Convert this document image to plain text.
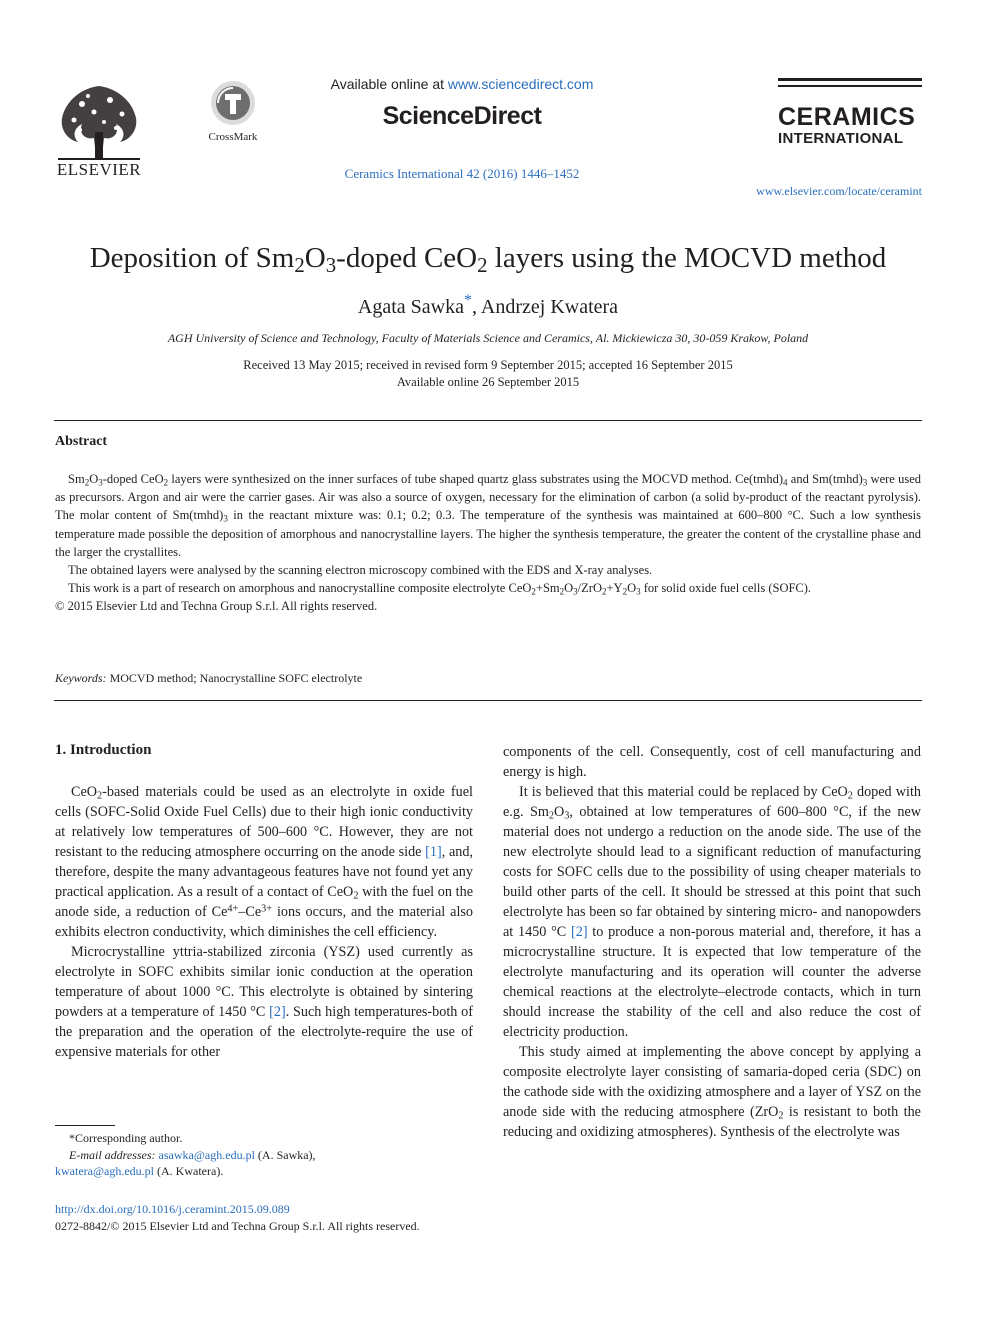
ELSEVIER
CrossMark
Available online at www.sciencedirect.com
ScienceDirect
Ceramics International 42 (2016) 1446–1452
CERAMICS
INTERNATIONAL
www.elsevier.com/locate/ceramint
Deposition of $Sm_2O_3$-doped CeO$_2$ layers using the MOCVD method
Agata Sawka*, Andrzej Kwatera
AGH University of Science and Technology, Faculty of Materials Science and Ceramics, Al. Mickiewicza 30, 30-059 Krakow, Poland
Received 13 May 2015; received in revised form 9 September 2015; accepted 16 September 2015
Available online 26 September 2015
Abstract

$Sm_2O_3$-doped CeO$_2$ layers were synthesized on the inner surfaces of tube shaped quartz glass substrates using the MOCVD method. $Ce(tmhd)_4$ and $Sm(tmhd)_3$ were used as precursors. Argon and air were the carrier gases. Air was also a source of oxygen, necessary for the elimination of carbon (a solid by-product of the reactant pyrolysis). The molar content of $Sm(tmhd)_3$ in the reactant mixture was: 0.1; 0.2; 0.3. The temperature of the synthesis was maintained at 600–800 °C. Such a low synthesis temperature made possible the deposition of amorphous and nanocrystalline layers. The higher the synthesis temperature, the greater the content of the crystalline phase and the larger the crystallites.

The obtained layers were analysed by the scanning electron microscopy combined with the EDS and X-ray analyses.

This work is a part of research on amorphous and nanocrystalline composite electrolyte $CeO_2+Sm_2O_3/ZrO_2+Y_2O_3$ for solid oxide fuel cells (SOFC).

© 2015 Elsevier Ltd and Techna Group S.r.l. All rights reserved.

Keywords: MOCVD method; Nanocrystalline SOFC electrolyte
1. Introduction

CeO$_2$-based materials could be used as an electrolyte in oxide fuel cells (SOFC-Solid Oxide Fuel Cells) due to their high ionic conductivity at relatively low temperatures of 500–600 °C. However, they are not resistant to the reducing atmosphere occurring on the anode side [1], and, therefore, despite the many advantageous features have not found yet any practical application. As a result of a contact of CeO$_2$ with the fuel on the anode side, a reduction of $Ce^{4+}-Ce^{3+}$ ions occurs, and the material also exhibits electron conductivity, which diminishes the cell efficiency.

Microcrystalline yttria-stabilized zirconia (YSZ) used currently as electrolyte in SOFC exhibits similar ionic conduction at the operation temperature of about 1000 °C. This electrolyte is obtained by sintering powders at a temperature of 1450 °C [2]. Such high temperatures-both of the preparation and the operation of the electrolyte-require the use of expensive materials for other

components of the cell. Consequently, cost of cell manufacturing and energy is high.

It is believed that this material could be replaced by CeO$_2$ doped with e.g. $Sm_2O_3$, obtained at low temperatures of 600–800 °C, if the new material does not undergo a reduction on the anode side. The use of the new electrolyte should lead to a significant reduction of manufacturing costs for SOFC cells due to the possibility of using cheaper materials to build other parts of the cell. It should be stressed at this point that such electrolyte has been so far obtained by sintering micro- and nanopowders at 1450 °C [2] to produce a non-porous material and, therefore, it has a microcrystalline structure. It is expected that low temperature of the electrolyte manufacturing and its operation will counter the adverse chemical reactions at the electrolyte–electrode contacts, which in turn should increase the stability of the cell and also reduce the cost of electricity production.

This study aimed at implementing the above concept by applying a composite electrolyte layer consisting of samaria-doped ceria (SDC) on the cathode side with the oxidizing atmosphere and a layer of YSZ on the anode side with the reducing atmosphere (ZrO$_2$ is resistant to both the reducing and oxidizing atmospheres). Synthesis of the electrolyte was

*Corresponding author.
E-mail addresses: asawka@agh.edu.pl (A. Sawka),
kwatera@agh.edu.pl (A. Kwatera).
http://dx.doi.org/10.1016/j.ceramint.2015.09.089
0272-8842/© 2015 Elsevier Ltd and Techna Group S.r.l. All rights reserved.
